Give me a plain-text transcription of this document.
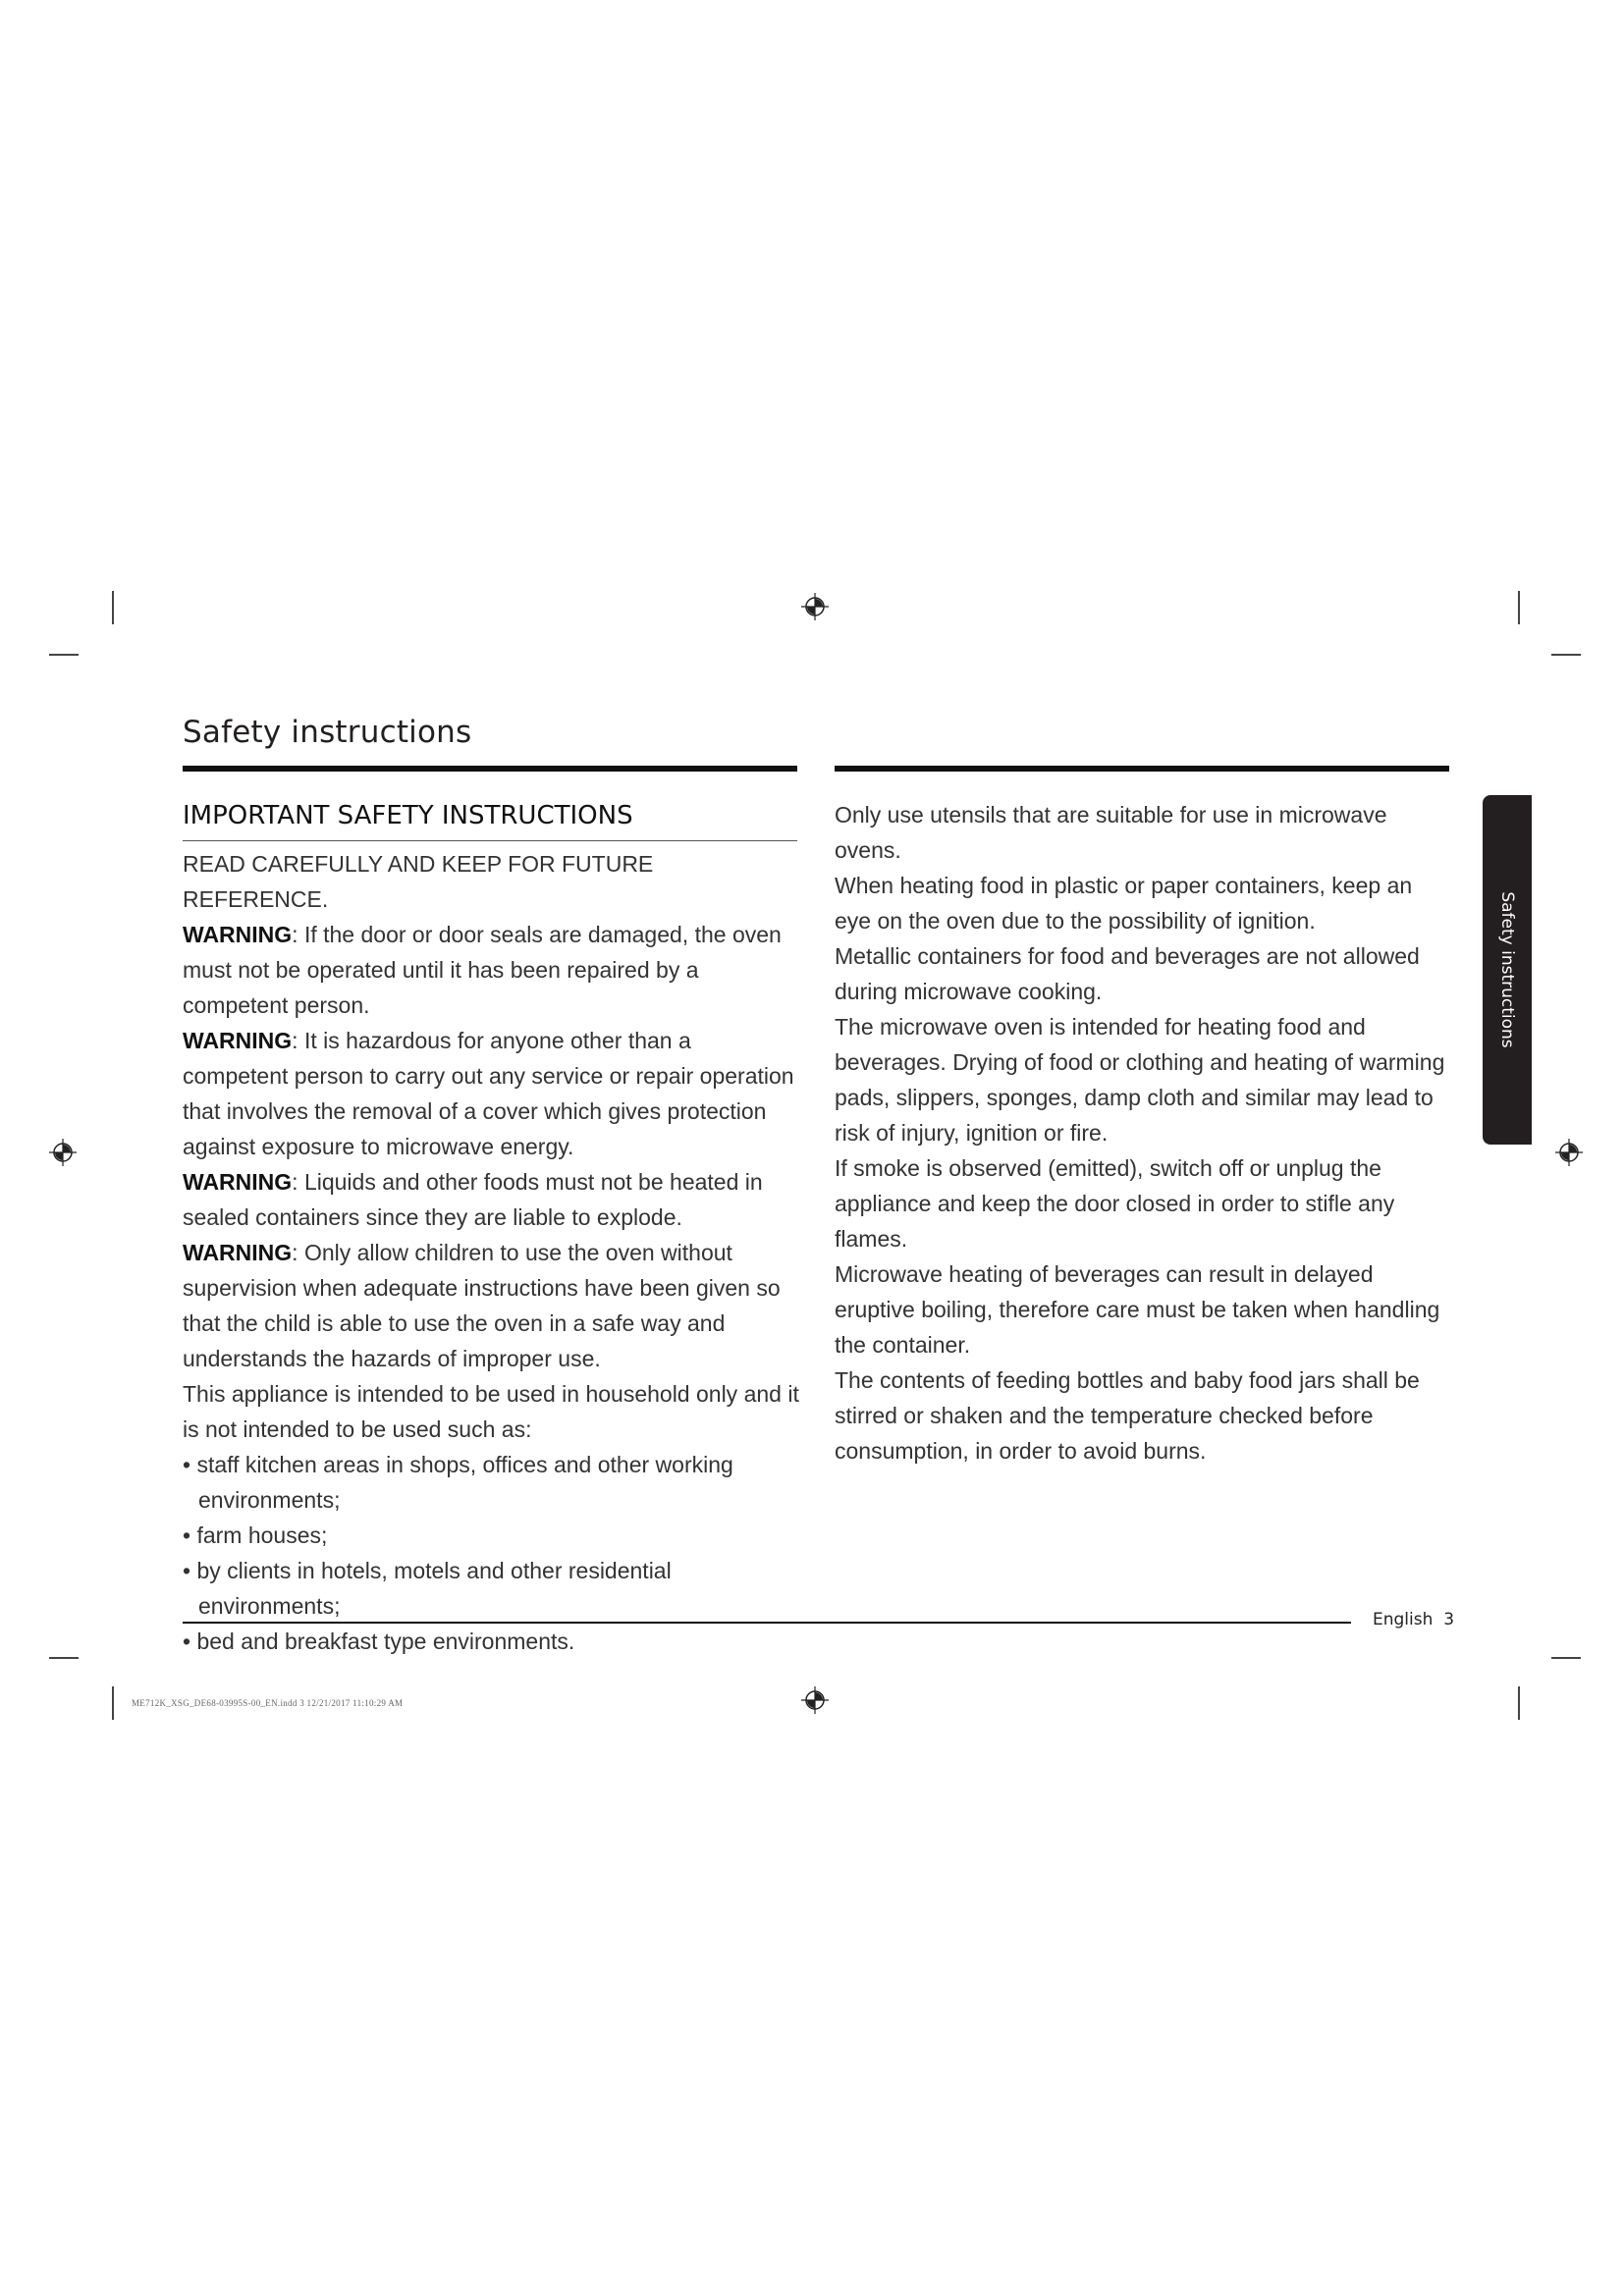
Safety instructions
IMPORTANT SAFETY INSTRUCTIONS

READ CAREFULLY AND KEEP FOR FUTURE REFERENCE.

WARNING: If the door or door seals are damaged, the oven must not be operated until it has been repaired by a competent person.

WARNING: It is hazardous for anyone other than a competent person to carry out any service or repair operation that involves the removal of a cover which gives protection against exposure to microwave energy.

WARNING: Liquids and other foods must not be heated in sealed containers since they are liable to explode.

WARNING: Only allow children to use the oven without supervision when adequate instructions have been given so that the child is able to use the oven in a safe way and understands the hazards of improper use.

This appliance is intended to be used in household only and it is not intended to be used such as:

• staff kitchen areas in shops, offices and other working environments;

• farm houses;

• by clients in hotels, motels and other residential environments;

• bed and breakfast type environments.

Only use utensils that are suitable for use in microwave ovens.

When heating food in plastic or paper containers, keep an eye on the oven due to the possibility of ignition.

Metallic containers for food and beverages are not allowed during microwave cooking.

The microwave oven is intended for heating food and beverages. Drying of food or clothing and heating of warming pads, slippers, sponges, damp cloth and similar may lead to risk of injury, ignition or fire.

If smoke is observed (emitted), switch off or unplug the appliance and keep the door closed in order to stifle any flames.

Microwave heating of beverages can result in delayed eruptive boiling, therefore care must be taken when handling the container.

The contents of feeding bottles and baby food jars shall be stirred or shaken and the temperature checked before consumption, in order to avoid burns.

Safety instructions
English 3
ME712K_XSG_DE68-03995S-00_EN.indd 3 12/21/2017 11:10:29 AM
